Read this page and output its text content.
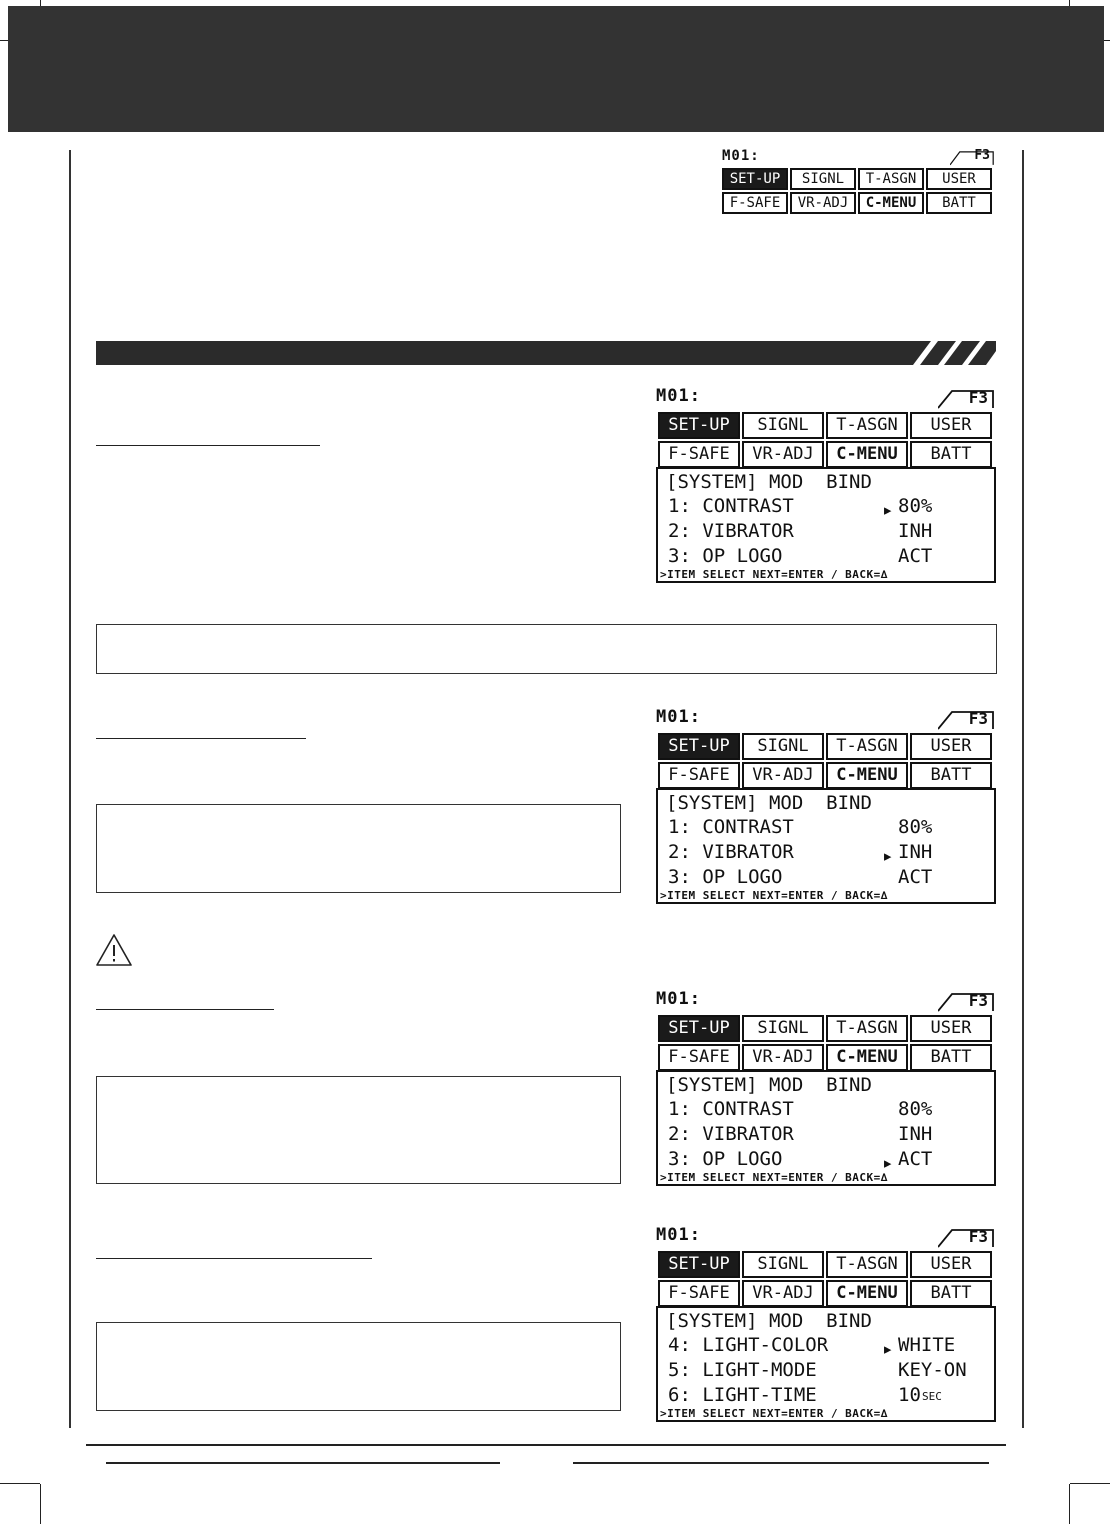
M01:	F3
SET-UP	SIGNL	T-ASGN	USER
F-SAFE	VR-ADJ	C-MENU	BATT
M01:	F3
SET-UP	SIGNL	T-ASGN	USER
F-SAFE	VR-ADJ	C-MENU	BATT
[SYSTEM] MOD  BIND
1: CONTRAST	▸ 80%
2: VIBRATOR	INH
3: OP LOGO	ACT
>ITEM SELECT NEXT=ENTER / BACK=∆
M01:	F3
SET-UP	SIGNL	T-ASGN	USER
F-SAFE	VR-ADJ	C-MENU	BATT
[SYSTEM] MOD  BIND
1: CONTRAST	80%
2: VIBRATOR	▸ INH
3: OP LOGO	ACT
>ITEM SELECT NEXT=ENTER / BACK=∆
M01:	F3
SET-UP	SIGNL	T-ASGN	USER
F-SAFE	VR-ADJ	C-MENU	BATT
[SYSTEM] MOD  BIND
1: CONTRAST	80%
2: VIBRATOR	INH
3: OP LOGO	▸ ACT
>ITEM SELECT NEXT=ENTER / BACK=∆
M01:	F3
SET-UP	SIGNL	T-ASGN	USER
F-SAFE	VR-ADJ	C-MENU	BATT
[SYSTEM] MOD  BIND
4: LIGHT-COLOR	▸ WHITE
5: LIGHT-MODE	KEY-ON
6: LIGHT-TIME	10 SEC
>ITEM SELECT NEXT=ENTER / BACK=∆
